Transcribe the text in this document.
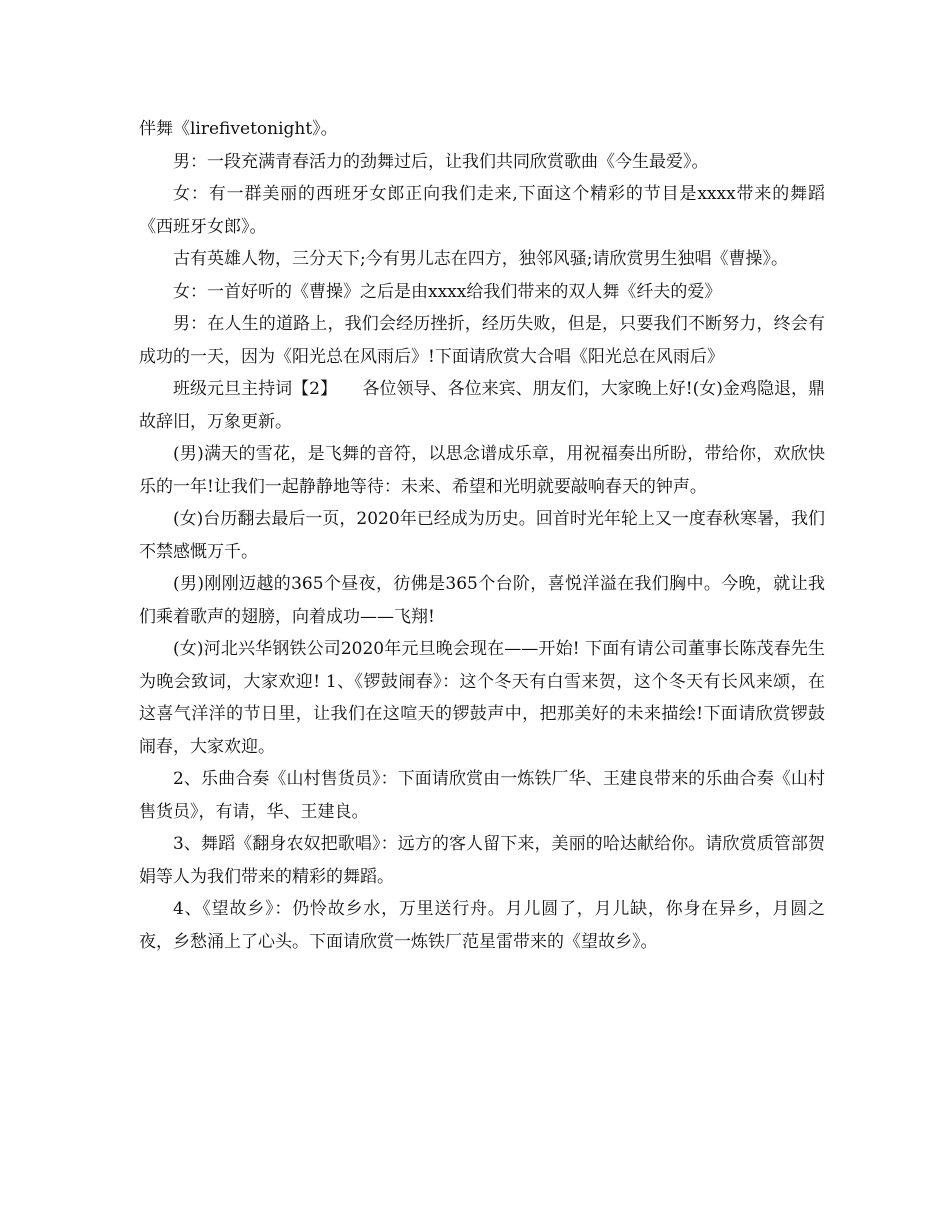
伴舞《lirefivetonight》。

男：一段充满青春活力的劲舞过后，让我们共同欣赏歌曲《今生最爱》。

女：有一群美丽的西班牙女郎正向我们走来,下面这个精彩的节目是xxxx带来的舞蹈《西班牙女郎》。

古有英雄人物，三分天下;今有男儿志在四方，独邻风骚;请欣赏男生独唱《曹操》。

女：一首好听的《曹操》之后是由xxxx给我们带来的双人舞《纤夫的爱》

男：在人生的道路上，我们会经历挫折，经历失败，但是，只要我们不断努力，终会有成功的一天，因为《阳光总在风雨后》!下面请欣赏大合唱《阳光总在风雨后》

班级元旦主持词【2】　　各位领导、各位来宾、朋友们，大家晚上好!(女)金鸡隐退，鼎故辞旧，万象更新。

(男)满天的雪花，是飞舞的音符，以思念谱成乐章，用祝福奏出所盼，带给你，欢欣快乐的一年!让我们一起静静地等待：未来、希望和光明就要敲响春天的钟声。

(女)台历翻去最后一页，2020年已经成为历史。回首时光年轮上又一度春秋寒暑，我们不禁感慨万千。

(男)刚刚迈越的365个昼夜，彷佛是365个台阶，喜悦洋溢在我们胸中。今晚，就让我们乘着歌声的翅膀，向着成功——飞翔!

(女)河北兴华钢铁公司2020年元旦晚会现在——开始! 下面有请公司董事长陈茂春先生为晚会致词，大家欢迎! 1、《锣鼓闹春》：这个冬天有白雪来贺，这个冬天有长风来颂，在这喜气洋洋的节日里，让我们在这喧天的锣鼓声中，把那美好的未来描绘!下面请欣赏锣鼓闹春，大家欢迎。

2、乐曲合奏《山村售货员》：下面请欣赏由一炼铁厂华、王建良带来的乐曲合奏《山村售货员》，有请，华、王建良。

3、舞蹈《翻身农奴把歌唱》：远方的客人留下来，美丽的哈达献给你。请欣赏质管部贺娟等人为我们带来的精彩的舞蹈。

4、《望故乡》：仍怜故乡水，万里送行舟。月儿圆了，月儿缺，你身在异乡，月圆之夜，乡愁涌上了心头。下面请欣赏一炼铁厂范星雷带来的《望故乡》。
